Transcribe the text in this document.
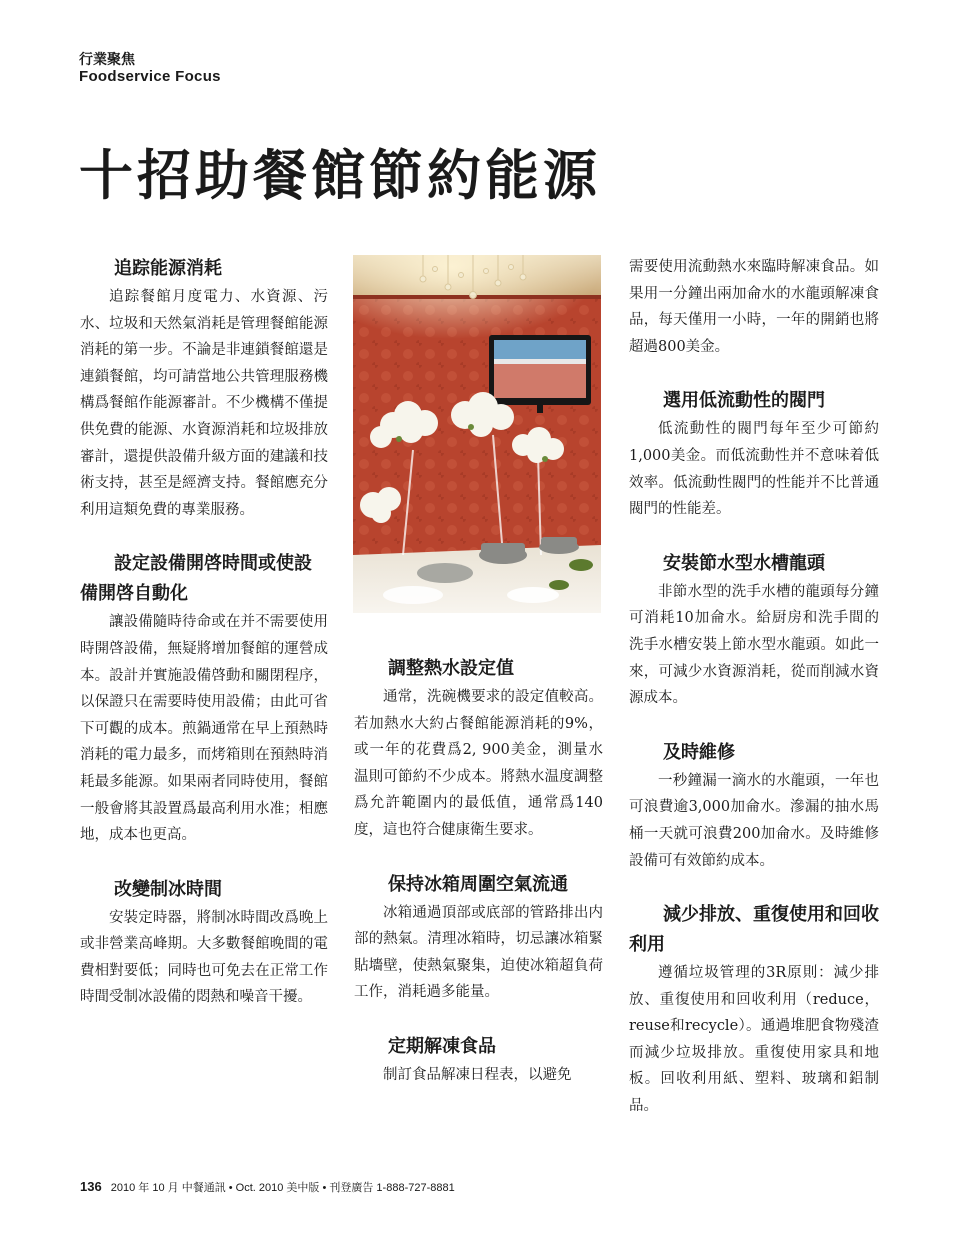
行業聚焦
Foodservice Focus
十招助餐館節約能源
追踪能源消耗

追踪餐館月度電力、水資源、污水、垃圾和天然氣消耗是管理餐館能源消耗的第一步。不論是非連鎖餐館還是連鎖餐館，均可請當地公共管理服務機構爲餐館作能源審計。不少機構不僅提供免費的能源、水資源消耗和垃圾排放審計，還提供設備升級方面的建議和技術支持，甚至是經濟支持。餐館應充分利用這類免費的專業服務。

設定設備開啓時間或使設備開啓自動化

讓設備隨時待命或在并不需要使用時開啓設備，無疑將增加餐館的運營成本。設計并實施設備啓動和關閉程序，以保證只在需要時使用設備；由此可省下可觀的成本。煎鍋通常在早上預熱時消耗的電力最多，而烤箱則在預熱時消耗最多能源。如果兩者同時使用，餐館一般會將其設置爲最高利用水准；相應地，成本也更高。

改變制冰時間

安裝定時器，將制冰時間改爲晚上或非營業高峰期。大多數餐館晚間的電費相對要低；同時也可免去在正常工作時間受制冰設備的悶熱和噪音干擾。

調整熱水設定值

通常，洗碗機要求的設定值較高。若加熱水大約占餐館能源消耗的9%，或一年的花費爲2, 900美金，測量水温則可節約不少成本。將熱水温度調整爲允許範圍内的最低值，通常爲140度，這也符合健康衛生要求。

保持冰箱周圍空氣流通

冰箱通過頂部或底部的管路排出内部的熱氣。清理冰箱時，切忌讓冰箱緊貼墻壁，使熱氣聚集，迫使冰箱超負荷工作，消耗過多能量。

定期解凍食品

制訂食品解凍日程表，以避免

需要使用流動熱水來臨時解凍食品。如果用一分鐘出兩加侖水的水龍頭解凍食品，每天僅用一小時，一年的開銷也將超過800美金。

選用低流動性的閥門

低流動性的閥門每年至少可節約1,000美金。而低流動性并不意味着低效率。低流動性閥門的性能并不比普通閥門的性能差。

安裝節水型水槽龍頭

非節水型的洗手水槽的龍頭每分鐘可消耗10加侖水。給厨房和洗手間的洗手水槽安裝上節水型水龍頭。如此一來，可減少水資源消耗，從而削減水資源成本。

及時維修

一秒鐘漏一滴水的水龍頭，一年也可浪費逾3,000加侖水。滲漏的抽水馬桶一天就可浪費200加侖水。及時維修設備可有效節約成本。

減少排放、重復使用和回收利用

遵循垃圾管理的3R原則：減少排放、重復使用和回收利用（reduce，reuse和recycle）。通過堆肥食物殘渣而減少垃圾排放。重復使用家具和地板。回收利用紙、塑料、玻璃和鋁制品。

136 2010 年 10 月 中餐通訊 • Oct. 2010 美中版 • 刊登廣告 1-888-727-8881
